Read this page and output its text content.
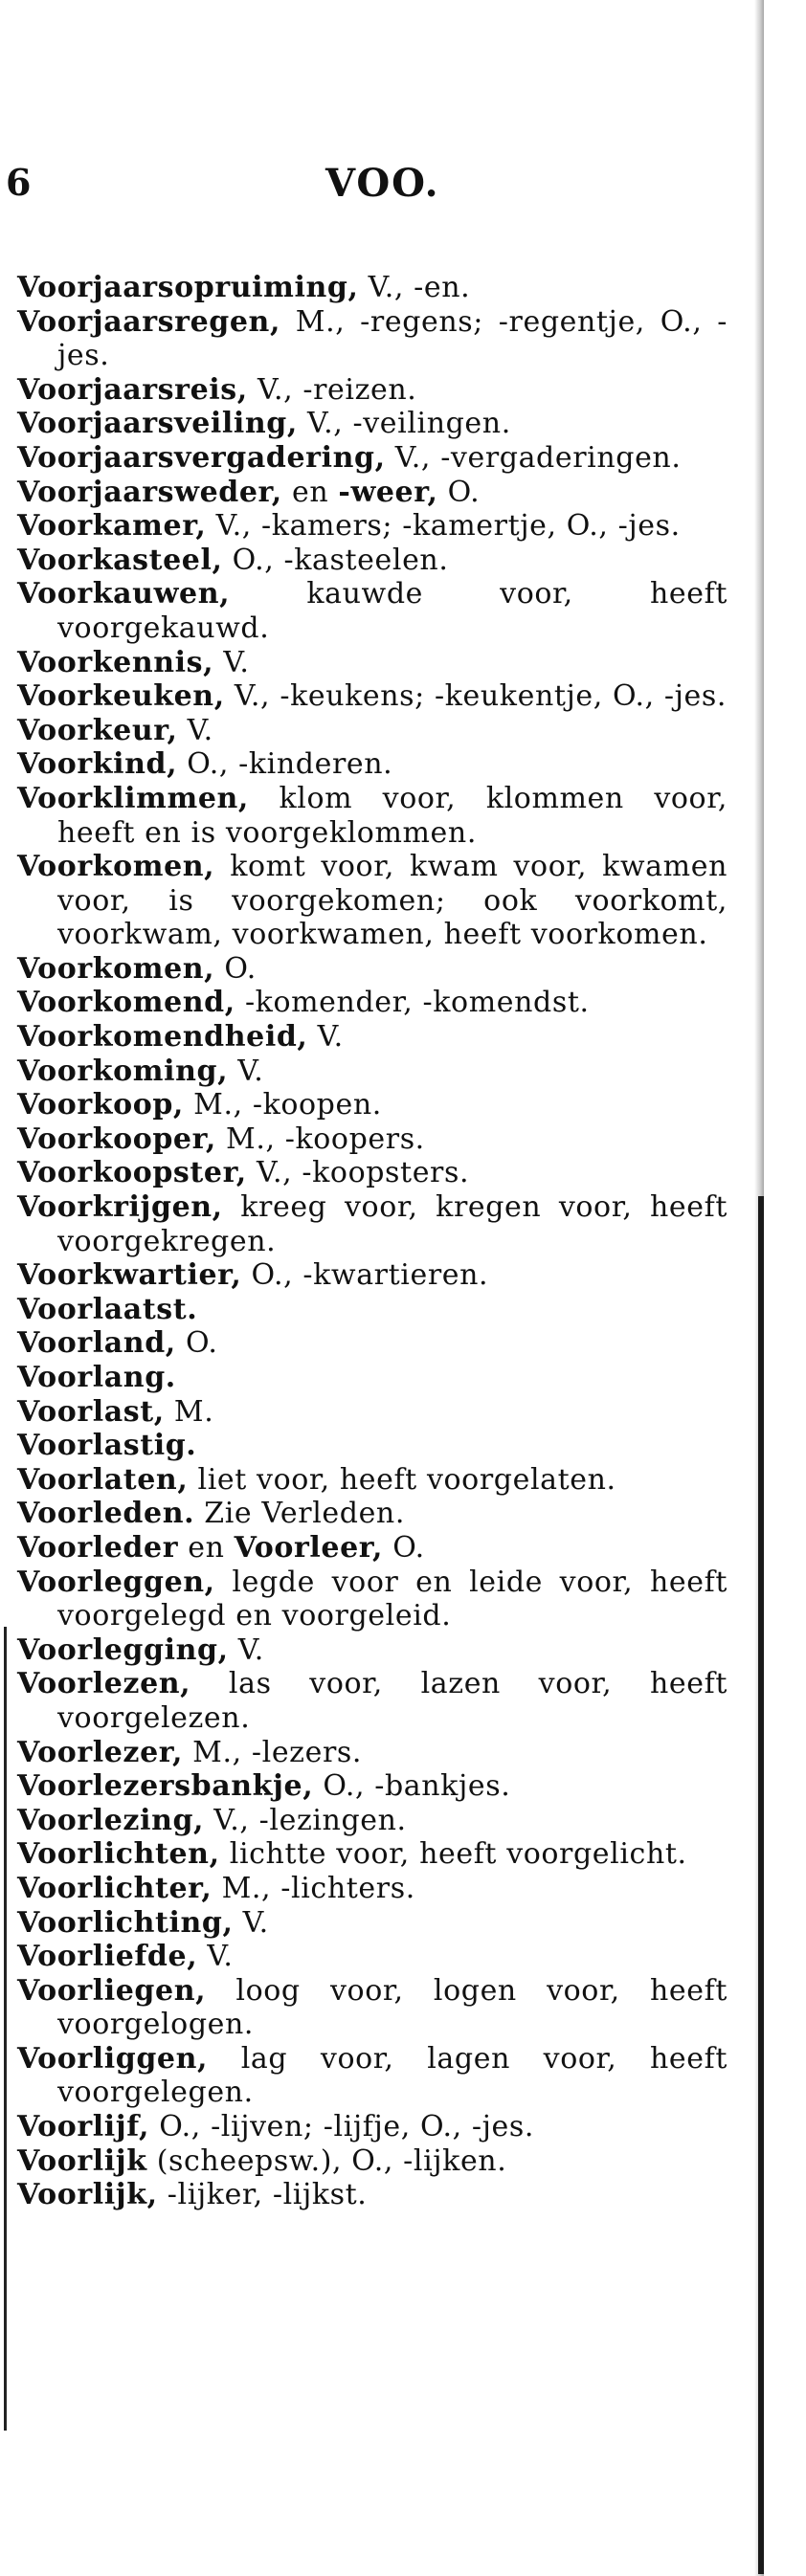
6	VOO.
Voorjaarsopruiming, V., -en.
Voorjaarsregen, M., -regens; -regentje, O., -jes.
Voorjaarsreis, V., -reizen.
Voorjaarsveiling, V., -veilingen.
Voorjaarsvergadering, V., -vergaderingen.
Voorjaarsweder, en -weer, O.
Voorkamer, V., -kamers; -kamertje, O., -jes.
Voorkasteel, O., -kasteelen.
Voorkauwen, kauwde voor, heeft voorgekauwd.
Voorkennis, V.
Voorkeuken, V., -keukens; -keukentje, O., -jes.
Voorkeur, V.
Voorkind, O., -kinderen.
Voorklimmen, klom voor, klommen voor, heeft en is voorgeklommen.
Voorkomen, komt voor, kwam voor, kwamen voor, is voorgekomen; ook voorkomt, voorkwam, voorkwamen, heeft voorkomen.
Voorkomen, O.
Voorkomend, -komender, -komendst.
Voorkomendheid, V.
Voorkoming, V.
Voorkoop, M., -koopen.
Voorkooper, M., -koopers.
Voorkoopster, V., -koopsters.
Voorkrijgen, kreeg voor, kregen voor, heeft voorgekregen.
Voorkwartier, O., -kwartieren.
Voorlaatst.
Voorland, O.
Voorlang.
Voorlast, M.
Voorlastig.
Voorlaten, liet voor, heeft voorgelaten.
Voorleden. Zie Verleden.
Voorleder en Voorleer, O.
Voorleggen, legde voor en leide voor, heeft voorgelegd en voorgeleid.
Voorlegging, V.
Voorlezen, las voor, lazen voor, heeft voorgelezen.
Voorlezer, M., -lezers.
Voorlezersbankje, O., -bankjes.
Voorlezing, V., -lezingen.
Voorlichten, lichtte voor, heeft voorgelicht.
Voorlichter, M., -lichters.
Voorlichting, V.
Voorliefde, V.
Voorliegen, loog voor, logen voor, heeft voorgelogen.
Voorliggen, lag voor, lagen voor, heeft voorgelegen.
Voorlijf, O., -lijven; -lijfje, O., -jes.
Voorlijk (scheepsw.), O., -lijken.
Voorlijk, -lijker, -lijkst.
